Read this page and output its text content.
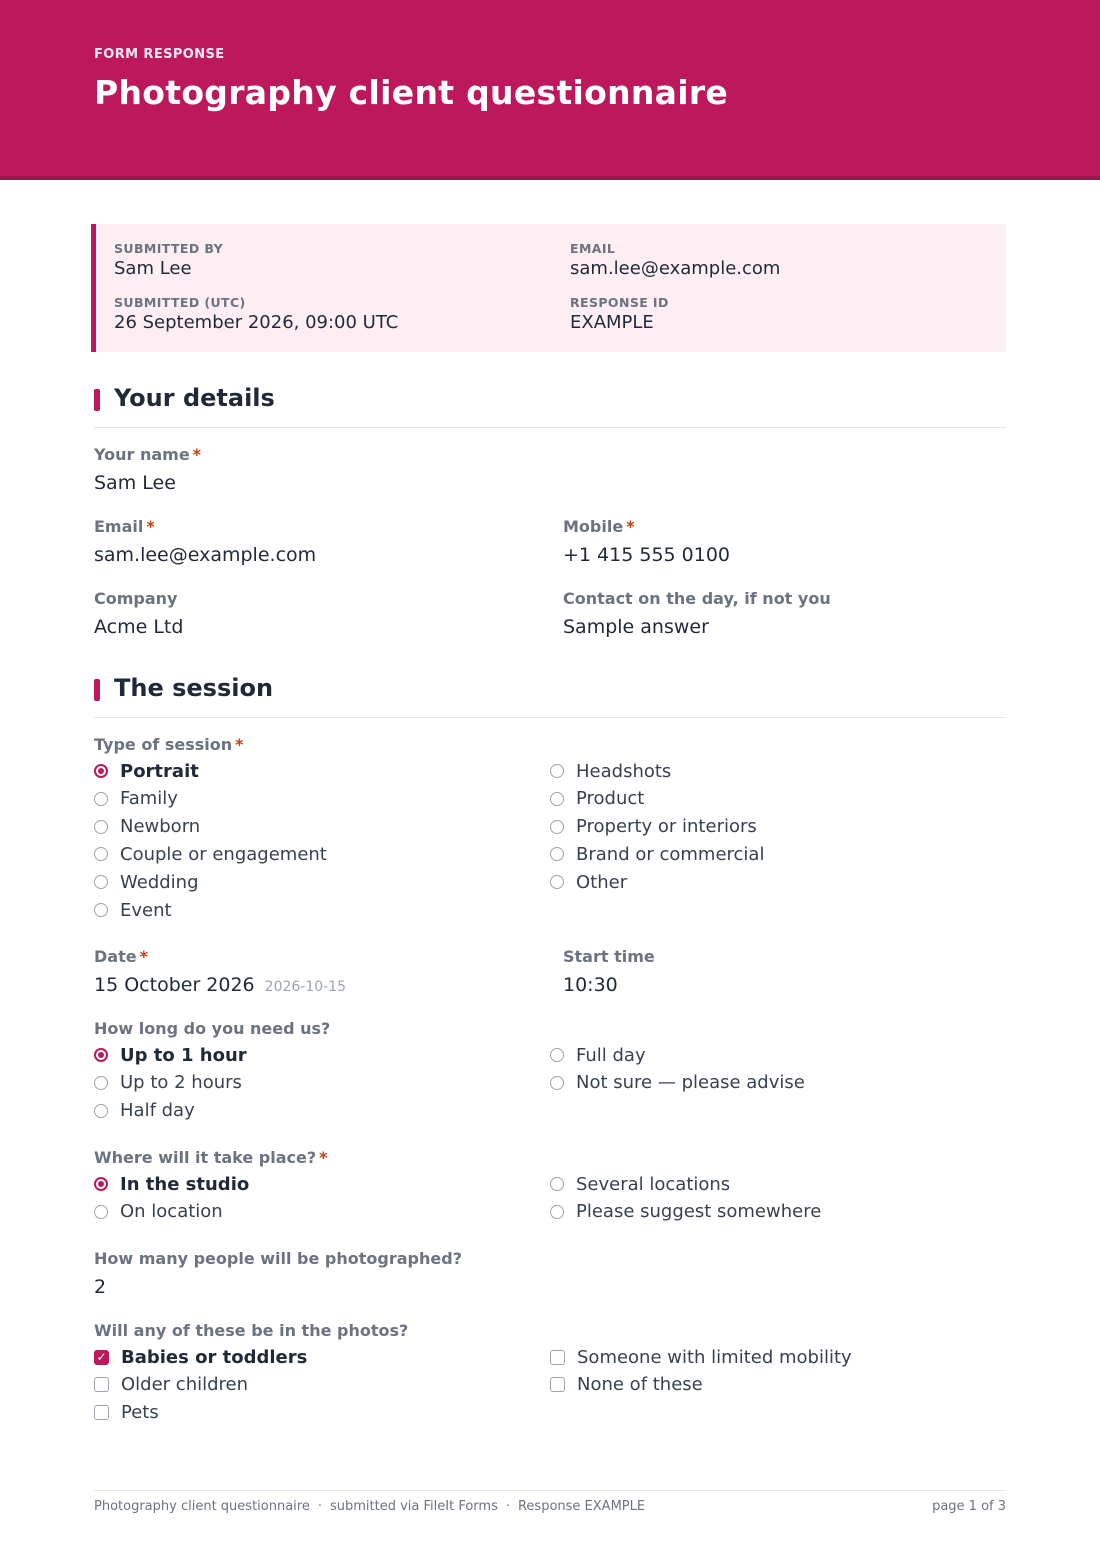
FORM RESPONSE
Photography client questionnaire
SUBMITTED BY
Sam Lee
EMAIL
sam.lee@example.com
SUBMITTED (UTC)
26 September 2026, 09:00 UTC
RESPONSE ID
EXAMPLE
Your details
Your name *
Sam Lee
Email *
sam.lee@example.com
Mobile *
+1 415 555 0100
Company
Acme Ltd
Contact on the day, if not you
Sample answer
The session
Type of session *
Portrait
Family
Newborn
Couple or engagement
Wedding
Event
Headshots
Product
Property or interiors
Brand or commercial
Other
Date *
15 October 2026 2026-10-15
Start time
10:30
How long do you need us?
Up to 1 hour
Up to 2 hours
Half day
Full day
Not sure — please advise
Where will it take place? *
In the studio
On location
Several locations
Please suggest somewhere
How many people will be photographed?
2
Will any of these be in the photos?
✓ Babies or toddlers
Older children
Pets
Someone with limited mobility
None of these
Photography client questionnaire · submitted via FileIt Forms · Response EXAMPLE	page 1 of 3
